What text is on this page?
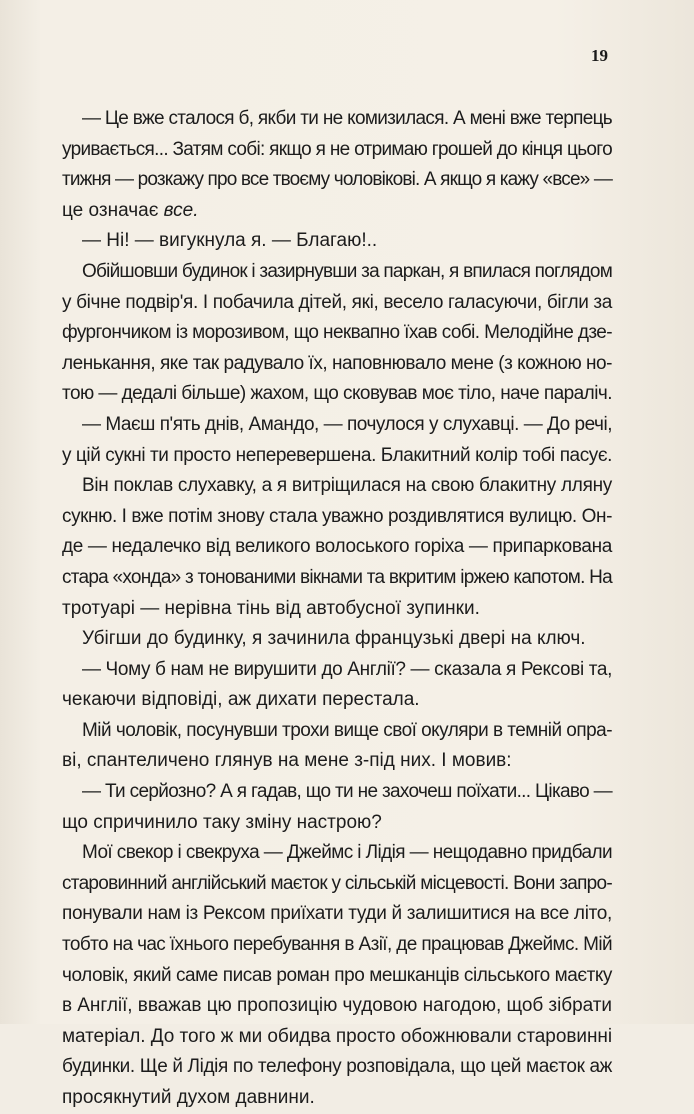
19

— Це вже сталося б, якби ти не комизилася. А мені вже терпець

уривається... Затям собі: якщо я не отримаю грошей до кінця цього

тижня — розкажу про все твоєму чоловікові. А якщо я кажу «все» —

це означає все.

— Ні! — вигукнула я. — Благаю!..

Обійшовши будинок і зазирнувши за паркан, я впилася поглядом

у бічне подвір'я. І побачила дітей, які, весело галасуючи, бігли за

фургончиком із морозивом, що неквапно їхав собі. Мелодійне дзе-

ленькання, яке так радувало їх, наповнювало мене (з кожною но-

тою — дедалі більше) жахом, що сковував моє тіло, наче параліч.

— Маєш п'ять днів, Амандо, — почулося у слухавці. — До речі,

у цій сукні ти просто неперевершена. Блакитний колір тобі пасує.

Він поклав слухавку, а я витріщилася на свою блакитну лляну

сукню. І вже потім знову стала уважно роздивлятися вулицю. Он-

де — недалечко від великого волоського горіха — припаркована

стара «хонда» з тонованими вікнами та вкритим іржею капотом. На

тротуарі — нерівна тінь від автобусної зупинки.

Убігши до будинку, я зачинила французькі двері на ключ.

— Чому б нам не вирушити до Англії? — сказала я Рексові та,

чекаючи відповіді, аж дихати перестала.

Мій чоловік, посунувши трохи вище свої окуляри в темній опра-

ві, спантеличено глянув на мене з-під них. І мовив:

— Ти серйозно? А я гадав, що ти не захочеш поїхати... Цікаво —

що спричинило таку зміну настрою?

Мої свекор і свекруха — Джеймс і Лідія — нещодавно придбали

старовинний англійський маєток у сільській місцевості. Вони запро-

понували нам із Рексом приїхати туди й залишитися на все літо,

тобто на час їхнього перебування в Азії, де працював Джеймс. Мій

чоловік, який саме писав роман про мешканців сільського маєтку

в Англії, вважав цю пропозицію чудовою нагодою, щоб зібрати

матеріал. До того ж ми обидва просто обожнювали старовинні

будинки. Ще й Лідія по телефону розповідала, що цей маєток аж

просякнутий духом давнини.
